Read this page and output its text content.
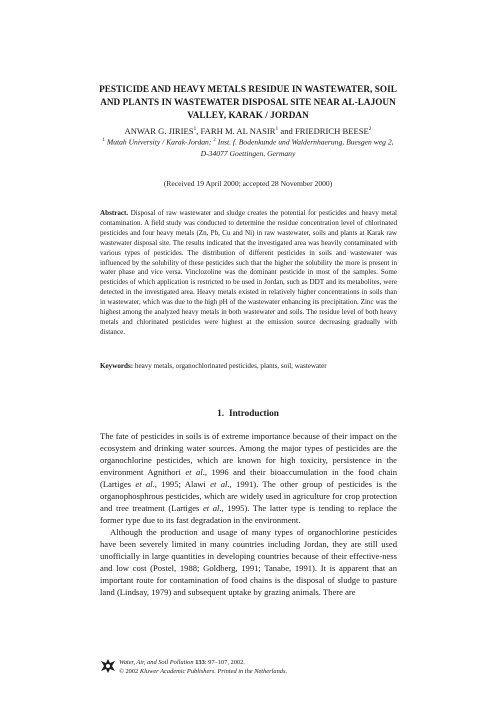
PESTICIDE AND HEAVY METALS RESIDUE IN WASTEWATER, SOIL
AND PLANTS IN WASTEWATER DISPOSAL SITE NEAR AL-LAJOUN
VALLEY, KARAK / JORDAN
ANWAR G. JIRIES$^1$, FARH M. AL NASIR$^1$ and FRIEDRICH BEESE$^2$
$^1$ Mutah University / Karak-Jordan; $^2$ Inst. f. Bodenkunde und Waldernhaerung, Buesgen weg 2,
D-34077 Goettingen, Germany
(Received 19 April 2000; accepted 28 November 2000)
Abstract. Disposal of raw wastewater and sludge creates the potential for pesticides and heavy metal contamination. A field study was conducted to determine the residue concentration level of chlorinated pesticides and four heavy metals (Zn, Pb, Cu and Ni) in raw wastewater, soils and plants at Karak raw wastewater disposal site. The results indicated that the investigated area was heavily contaminated with various types of pesticides. The distribution of different pesticides in soils and wastewater was influenced by the solubility of these pesticides such that the higher the solubility the more is present in water phase and vice versa. Vinclozoline was the dominant pesticide in most of the samples. Some pesticides of which application is restricted to be used in Jordan, such as DDT and its metabolites, were detected in the investigated area. Heavy metals existed in relatively higher concentrations in soils than in wastewater, which was due to the high pH of the wastewater enhancing its precipitation. Zinc was the highest among the analyzed heavy metals in both wastewater and soils. The residue level of both heavy metals and chlorinated pesticides were highest at the emission source decreasing gradually with distance.
Keywords: heavy metals, organochlorinated pesticides, plants, soil, wastewater
1. Introduction

The fate of pesticides in soils is of extreme importance because of their impact on the ecosystem and drinking water sources. Among the major types of pesticides are the organochlorine pesticides, which are known for high toxicity, persistence in the environment Agnithori et al., 1996 and their bioaccumulation in the food chain (Lartiges et al., 1995; Alawi et al., 1991). The other group of pesticides is the organophosphrous pesticides, which are widely used in agriculture for crop protection and tree treatment (Lartiges et al., 1995). The latter type is tending to replace the former type due to its fast degradation in the environment.

Although the production and usage of many types of organochlorine pesticides have been severely limited in many countries including Jordan, they are still used unofficially in large quantities in developing countries because of their effective-ness and low cost (Postel, 1988; Goldberg, 1991; Tanabe, 1991). It is apparent that an important route for contamination of food chains is the disposal of sludge to pasture land (Lindsay, 1979) and subsequent uptake by grazing animals. There are

Water, Air, and Soil Pollution 133: 97–107, 2002.
© 2002 Kluwer Academic Publishers. Printed in the Netherlands.
